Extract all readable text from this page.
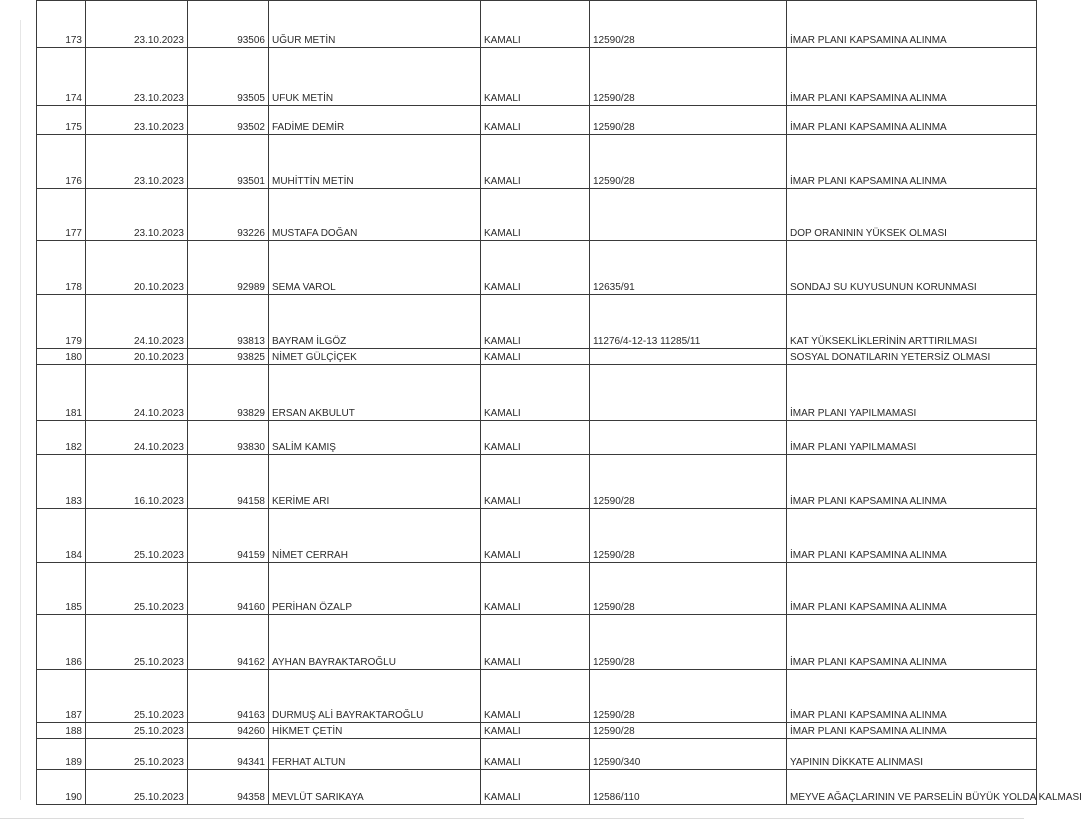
173	23.10.2023	93506	UĞUR METİN	KAMALI	12590/28	İMAR PLANI KAPSAMINA ALINMA
174	23.10.2023	93505	UFUK METİN	KAMALI	12590/28	İMAR PLANI KAPSAMINA ALINMA
175	23.10.2023	93502	FADİME DEMİR	KAMALI	12590/28	İMAR PLANI KAPSAMINA ALINMA
176	23.10.2023	93501	MUHİTTİN METİN	KAMALI	12590/28	İMAR PLANI KAPSAMINA ALINMA
177	23.10.2023	93226	MUSTAFA DOĞAN	KAMALI		DOP ORANININ YÜKSEK OLMASI
178	20.10.2023	92989	SEMA VAROL	KAMALI	12635/91	SONDAJ SU KUYUSUNUN KORUNMASI
179	24.10.2023	93813	BAYRAM İLGÖZ	KAMALI	11276/4-12-13 11285/11	KAT YÜKSEKLİKLERİNİN ARTTIRILMASI
180	20.10.2023	93825	NİMET GÜLÇİÇEK	KAMALI		SOSYAL DONATILARIN YETERSİZ OLMASI
181	24.10.2023	93829	ERSAN AKBULUT	KAMALI		İMAR PLANI YAPILMAMASI
182	24.10.2023	93830	SALİM KAMIŞ	KAMALI		İMAR PLANI YAPILMAMASI
183	16.10.2023	94158	KERİME ARI	KAMALI	12590/28	İMAR PLANI KAPSAMINA ALINMA
184	25.10.2023	94159	NİMET CERRAH	KAMALI	12590/28	İMAR PLANI KAPSAMINA ALINMA
185	25.10.2023	94160	PERİHAN ÖZALP	KAMALI	12590/28	İMAR PLANI KAPSAMINA ALINMA
186	25.10.2023	94162	AYHAN BAYRAKTAROĞLU	KAMALI	12590/28	İMAR PLANI KAPSAMINA ALINMA
187	25.10.2023	94163	DURMUŞ ALİ BAYRAKTAROĞLU	KAMALI	12590/28	İMAR PLANI KAPSAMINA ALINMA
188	25.10.2023	94260	HİKMET ÇETİN	KAMALI	12590/28	İMAR PLANI KAPSAMINA ALINMA
189	25.10.2023	94341	FERHAT ALTUN	KAMALI	12590/340	YAPININ DİKKATE ALINMASI
190	25.10.2023	94358	MEVLÜT SARIKAYA	KAMALI	12586/110	MEYVE AĞAÇLARININ VE PARSELİN BÜYÜK YOLDA KALMASI
